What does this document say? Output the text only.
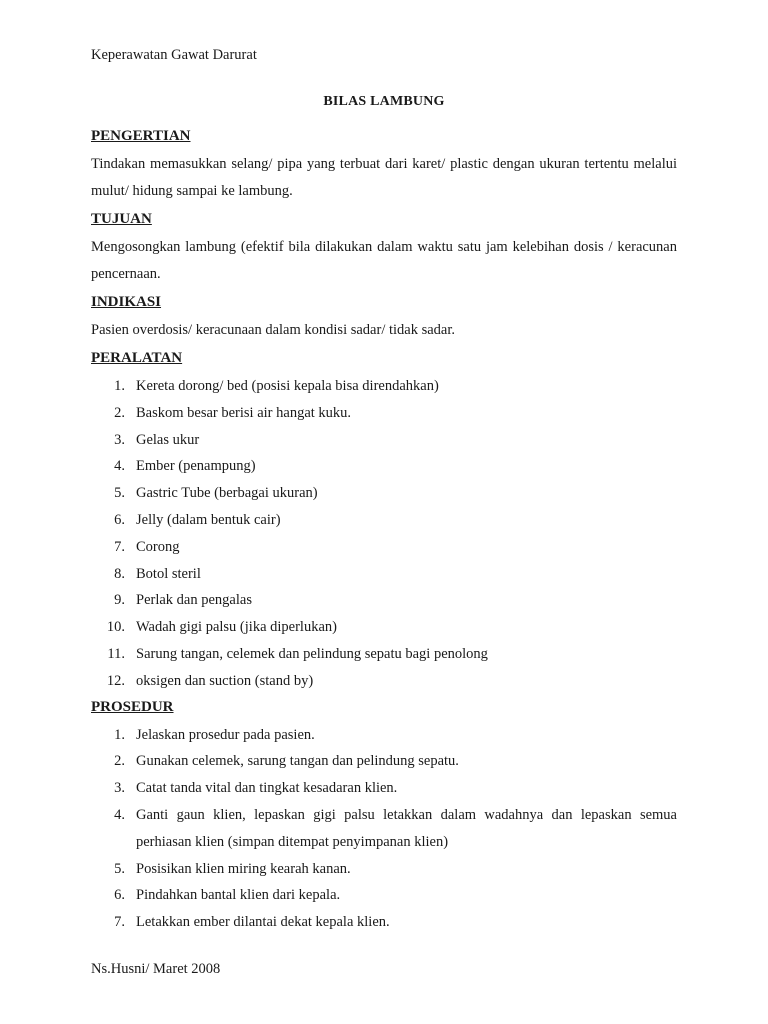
Keperawatan Gawat Darurat
BILAS LAMBUNG
PENGERTIAN

Tindakan memasukkan selang/ pipa yang terbuat dari karet/ plastic dengan ukuran tertentu melalui mulut/ hidung sampai ke lambung.

TUJUAN

Mengosongkan lambung (efektif bila dilakukan dalam waktu satu jam kelebihan dosis / keracunan pencernaan.

INDIKASI

Pasien overdosis/ keracunaan dalam kondisi sadar/ tidak sadar.

PERALATAN
1. Kereta dorong/ bed (posisi kepala bisa direndahkan)
2. Baskom besar berisi air hangat kuku.
3. Gelas ukur
4. Ember (penampung)
5. Gastric Tube (berbagai ukuran)
6. Jelly (dalam bentuk cair)
7. Corong
8. Botol steril
9. Perlak dan pengalas
10. Wadah gigi palsu (jika diperlukan)
11. Sarung tangan, celemek dan pelindung sepatu bagi penolong
12. oksigen dan suction (stand by)
PROSEDUR
1. Jelaskan prosedur pada pasien.
2. Gunakan celemek, sarung tangan dan pelindung sepatu.
3. Catat tanda vital dan tingkat kesadaran klien.
4. Ganti gaun klien, lepaskan gigi palsu letakkan dalam wadahnya dan lepaskan semua perhiasan klien (simpan ditempat penyimpanan klien)
5. Posisikan klien miring kearah kanan.
6. Pindahkan bantal klien dari kepala.
7. Letakkan ember dilantai dekat kepala klien.
Ns.Husni/ Maret 2008
